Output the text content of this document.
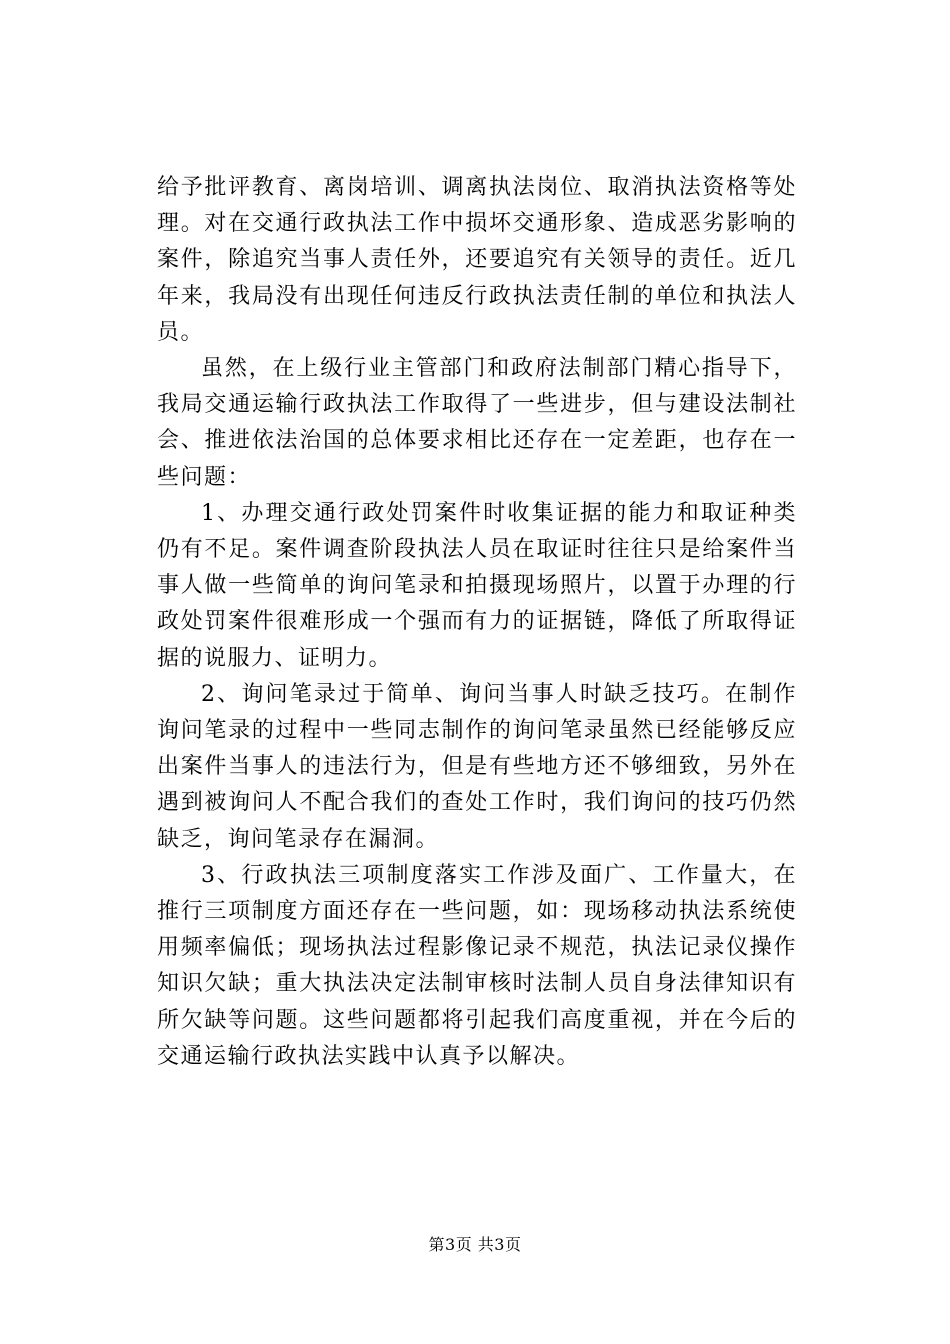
给予批评教育、离岗培训、调离执法岗位、取消执法资格等处理。对在交通行政执法工作中损坏交通形象、造成恶劣影响的案件，除追究当事人责任外，还要追究有关领导的责任。近几年来，我局没有出现任何违反行政执法责任制的单位和执法人员。

虽然，在上级行业主管部门和政府法制部门精心指导下，我局交通运输行政执法工作取得了一些进步，但与建设法制社会、推进依法治国的总体要求相比还存在一定差距，也存在一些问题：

1、办理交通行政处罚案件时收集证据的能力和取证种类仍有不足。案件调查阶段执法人员在取证时往往只是给案件当事人做一些简单的询问笔录和拍摄现场照片，以置于办理的行政处罚案件很难形成一个强而有力的证据链，降低了所取得证据的说服力、证明力。

2、询问笔录过于简单、询问当事人时缺乏技巧。在制作询问笔录的过程中一些同志制作的询问笔录虽然已经能够反应出案件当事人的违法行为，但是有些地方还不够细致，另外在遇到被询问人不配合我们的查处工作时，我们询问的技巧仍然缺乏，询问笔录存在漏洞。

3、行政执法三项制度落实工作涉及面广、工作量大，在推行三项制度方面还存在一些问题，如：现场移动执法系统使用频率偏低；现场执法过程影像记录不规范，执法记录仪操作知识欠缺；重大执法决定法制审核时法制人员自身法律知识有所欠缺等问题。这些问题都将引起我们高度重视，并在今后的交通运输行政执法实践中认真予以解决。

第3页 共3页
